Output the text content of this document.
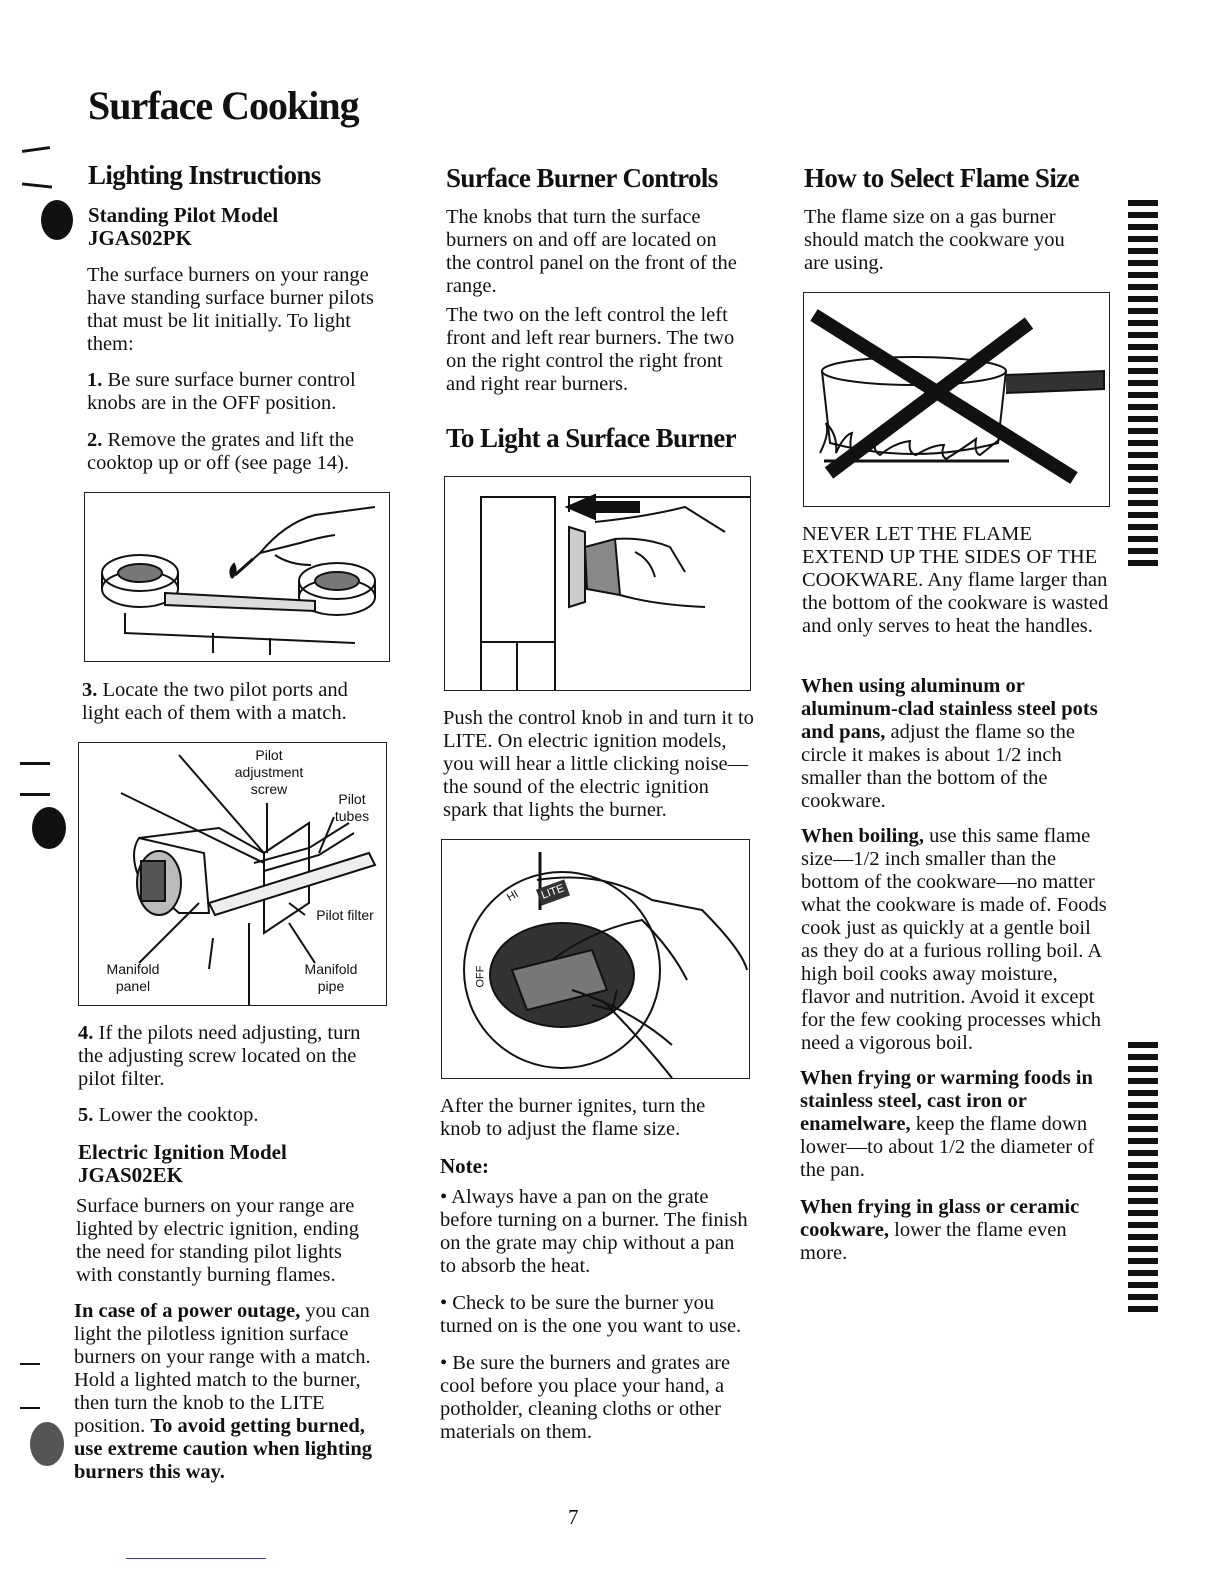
Surface Cooking
Lighting Instructions
Standing Pilot Model JGAS02PK

The surface burners on your range have standing surface burner pilots that must be lit initially. To light them:

1. Be sure surface burner control knobs are in the OFF position.

2. Remove the grates and lift the cooktop up or off (see page 14).

3. Locate the two pilot ports and light each of them with a match.

Pilot adjustment screw
Pilot tubes
Pilot filter
Manifold panel
Manifold pipe

4. If the pilots need adjusting, turn the adjusting screw located on the pilot filter.

5. Lower the cooktop.

Electric Ignition Model JGAS02EK

Surface burners on your range are lighted by electric ignition, ending the need for standing pilot lights with constantly burning flames.

In case of a power outage, you can light the pilotless ignition surface burners on your range with a match. Hold a lighted match to the burner, then turn the knob to the LITE position. To avoid getting burned, use extreme caution when lighting burners this way.

Surface Burner Controls

The knobs that turn the surface burners on and off are located on the control panel on the front of the range.

The two on the left control the left front and left rear burners. The two on the right control the right front and right rear burners.

To Light a Surface Burner

Push the control knob in and turn it to LITE. On electric ignition models, you will hear a little clicking noise—the sound of the electric ignition spark that lights the burner.

HI	LITE
OFF

After the burner ignites, turn the knob to adjust the flame size.

Note:

• Always have a pan on the grate before turning on a burner. The finish on the grate may chip without a pan to absorb the heat.

• Check to be sure the burner you turned on is the one you want to use.

• Be sure the burners and grates are cool before you place your hand, a potholder, cleaning cloths or other materials on them.

How to Select Flame Size

The flame size on a gas burner should match the cookware you are using.

NEVER LET THE FLAME EXTEND UP THE SIDES OF THE COOKWARE. Any flame larger than the bottom of the cookware is wasted and only serves to heat the handles.

When using aluminum or aluminum-clad stainless steel pots and pans, adjust the flame so the circle it makes is about 1/2 inch smaller than the bottom of the cookware.

When boiling, use this same flame size—1/2 inch smaller than the bottom of the cookware—no matter what the cookware is made of. Foods cook just as quickly at a gentle boil as they do at a furious rolling boil. A high boil cooks away moisture, flavor and nutrition. Avoid it except for the few cooking processes which need a vigorous boil.

When frying or warming foods in stainless steel, cast iron or enamelware, keep the flame down lower—to about 1/2 the diameter of the pan.

When frying in glass or ceramic cookware, lower the flame even more.

7
